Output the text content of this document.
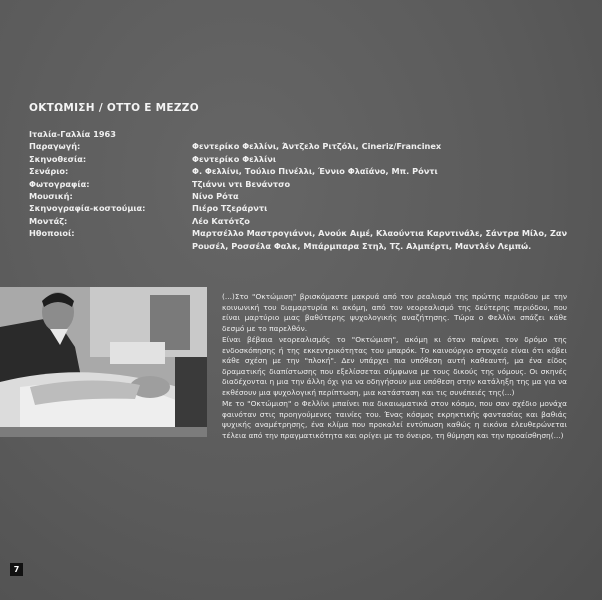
ΟΚΤΩΜΙΣΗ / ΟΤΤΟ Ε ΜΕΖΖΟ
Ιταλία-Γαλλία 1963
Παραγωγή:	Φεντερίκο Φελλίνι, Άντζελο Ριτζόλι, Cineriz/Francinex
Σκηνοθεσία:	Φεντερίκο Φελλίνι
Σενάριο:	Φ. Φελλίνι, Τούλιο Πινέλλι, Έννιο Φλαϊάνο, Μπ. Ρόντι
Φωτογραφία:	Τζιάννι ντι Βενάντσο
Μουσική:	Νίνο Ρότα
Σκηνογραφία-κοστούμια:	Πιέρο Τζεράρντι
Μοντάζ:	Λέο Κατότζο
Ηθοποιοί:	Μαρτσέλλο Μαστρογιάννι, Ανούκ Αιμέ, Κλαούντια Καρντινάλε, Σάντρα Μίλο, Ζαν Ρουσέλ, Ροσσέλα Φαλκ, Μπάρμπαρα Στηλ, Τζ. Αλμπέρτι, Μαντλέν Λεμπώ.

(...)Στο "Οκτώμιση" βρισκόμαστε μακρυά από τον ρεαλισμό της πρώτης περιόδου με την κοινωνική του διαμαρτυρία κι ακόμη, από τον νεορεαλισμό της δεύτερης περιόδου, που είναι μαρτύριο μιας βαθύτερης ψυχολογικής αναζήτησης. Τώρα ο Φελλίνι σπάζει κάθε δεσμό με το παρελθόν.

Είναι βέβαια νεορεαλισμός το "Οκτώμιση", ακόμη κι όταν παίρνει τον δρόμο της ενδοσκόπησης ή της εκκεντρικότητας του μπαρόκ. Το καινούργιο στοιχείο είναι ότι κόβει κάθε σχέση με την "πλοκή". Δεν υπάρχει πια υπόθεση αυτή καθεαυτή, μα ένα είδος δραματικής διαπίστωσης που εξελίσσεται σύμφωνα με τους δικούς της νόμους. Οι σκηνές διαδέχονται η μια την άλλη όχι για να οδηγήσουν μια υπόθεση στην κατάληξη της μα για να εκθέσουν μια ψυχολογική περίπτωση, μια κατάσταση και τις συνέπειές της(...)

Με το "Οκτώμιση" ο Φελλίνι μπαίνει πια δικαιωματικά στον κόσμο, που σαν σχέδιο μονάχα φαινόταν στις προηγούμενες ταινίες του. Ένας κόσμος εκρηκτικής φαντασίας και βαθιάς ψυχικής αναμέτρησης, ένα κλίμα που προκαλεί εντύπωση καθώς η εικόνα ελευθερώνεται τέλεια από την πραγματικότητα και ορίγει με το όνειρο, τη θύμηση και την προαίσθηση(...)

7
